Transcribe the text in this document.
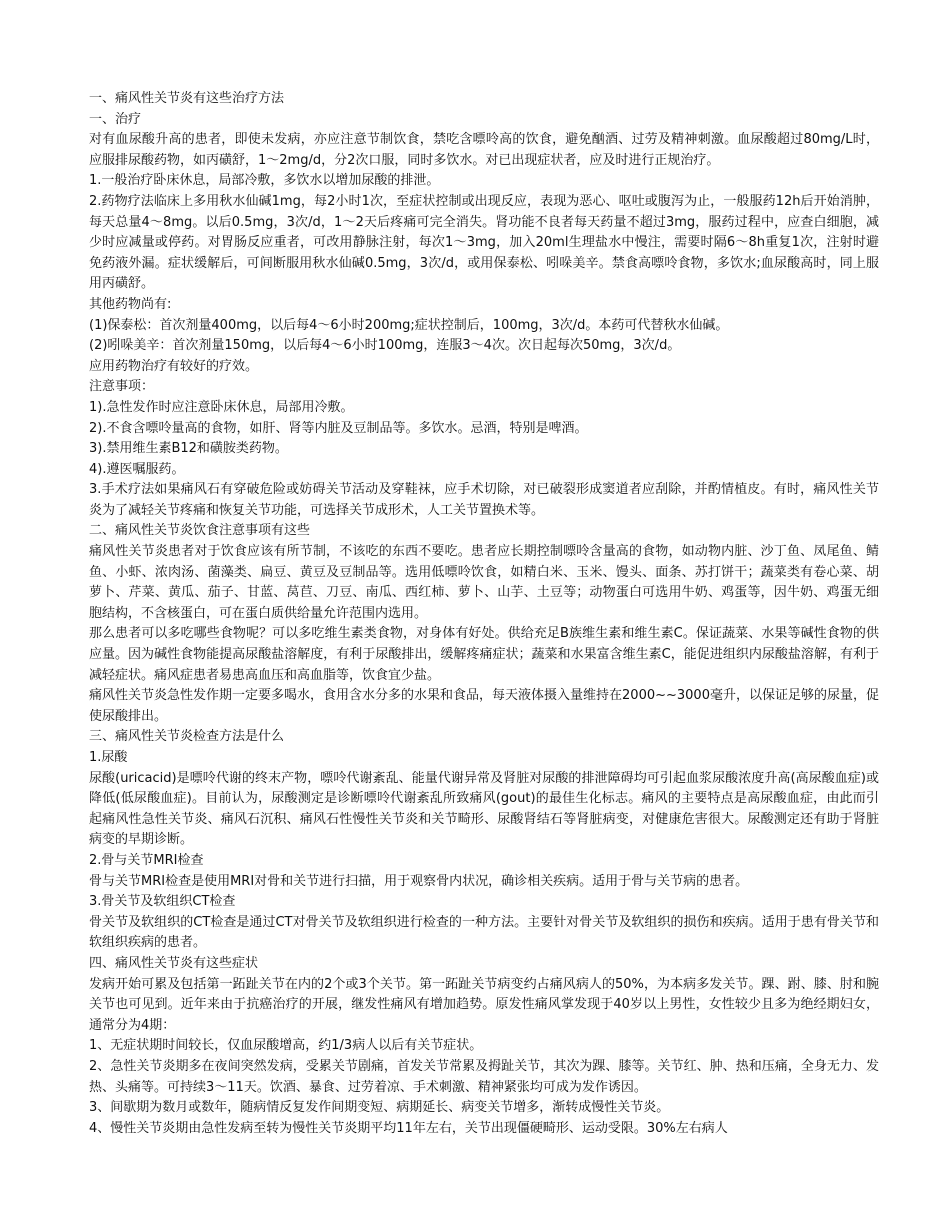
一、痛风性关节炎有这些治疗方法

一、治疗

对有血尿酸升高的患者，即使未发病，亦应注意节制饮食，禁吃含嘌呤高的饮食，避免酗酒、过劳及精神刺激。血尿酸超过80mg/L时，应服排尿酸药物，如丙磺舒，1～2mg/d，分2次口服，同时多饮水。对已出现症状者，应及时进行正规治疗。

1.一般治疗卧床休息，局部冷敷，多饮水以增加尿酸的排泄。

2.药物疗法临床上多用秋水仙碱1mg，每2小时1次，至症状控制或出现反应，表现为恶心、呕吐或腹泻为止，一般服药12h后开始消肿，每天总量4～8mg。以后0.5mg，3次/d，1～2天后疼痛可完全消失。肾功能不良者每天药量不超过3mg，服药过程中，应查白细胞，减少时应减量或停药。对胃肠反应重者，可改用静脉注射，每次1～3mg，加入20ml生理盐水中慢注，需要时隔6～8h重复1次，注射时避免药液外漏。症状缓解后，可间断服用秋水仙碱0.5mg，3次/d，或用保泰松、吲哚美辛。禁食高嘌呤食物，多饮水;血尿酸高时，同上服用丙磺舒。

其他药物尚有:

(1)保泰松：首次剂量400mg，以后每4～6小时200mg;症状控制后，100mg，3次/d。本药可代替秋水仙碱。

(2)吲哚美辛：首次剂量150mg，以后每4～6小时100mg，连服3～4次。次日起每次50mg，3次/d。

应用药物治疗有较好的疗效。

注意事项：

1).急性发作时应注意卧床休息，局部用冷敷。

2).不食含嘌呤量高的食物，如肝、肾等内脏及豆制品等。多饮水。忌酒，特别是啤酒。

3).禁用维生素B12和磺胺类药物。

4).遵医嘱服药。

3.手术疗法如果痛风石有穿破危险或妨碍关节活动及穿鞋袜，应手术切除，对已破裂形成窦道者应刮除，并酌情植皮。有时，痛风性关节炎为了减轻关节疼痛和恢复关节功能，可选择关节成形术，人工关节置换术等。

二、痛风性关节炎饮食注意事项有这些

痛风性关节炎患者对于饮食应该有所节制，不该吃的东西不要吃。患者应长期控制嘌呤含量高的食物，如动物内脏、沙丁鱼、凤尾鱼、鲭鱼、小虾、浓肉汤、菌藻类、扁豆、黄豆及豆制品等。选用低嘌呤饮食，如精白米、玉米、馒头、面条、苏打饼干；蔬菜类有卷心菜、胡萝卜、芹菜、黄瓜、茄子、甘蓝、莴苣、刀豆、南瓜、西红柿、萝卜、山芋、土豆等；动物蛋白可选用牛奶、鸡蛋等，因牛奶、鸡蛋无细胞结构，不含核蛋白，可在蛋白质供给量允许范围内选用。

那么患者可以多吃哪些食物呢？可以多吃维生素类食物，对身体有好处。供给充足B族维生素和维生素C。保证蔬菜、水果等碱性食物的供应量。因为碱性食物能提高尿酸盐溶解度，有利于尿酸排出，缓解疼痛症状；蔬菜和水果富含维生素C，能促进组织内尿酸盐溶解，有利于减轻症状。痛风症患者易患高血压和高血脂等，饮食宜少盐。

痛风性关节炎急性发作期一定要多喝水，食用含水分多的水果和食品，每天液体摄入量维持在2000~~3000毫升，以保证足够的尿量，促使尿酸排出。

三、痛风性关节炎检查方法是什么

1.尿酸

尿酸(uricacid)是嘌呤代谢的终末产物，嘌呤代谢紊乱、能量代谢异常及肾脏对尿酸的排泄障碍均可引起血浆尿酸浓度升高(高尿酸血症)或降低(低尿酸血症)。目前认为，尿酸测定是诊断嘌呤代谢紊乱所致痛风(gout)的最佳生化标志。痛风的主要特点是高尿酸血症，由此而引起痛风性急性关节炎、痛风石沉积、痛风石性慢性关节炎和关节畸形、尿酸肾结石等肾脏病变，对健康危害很大。尿酸测定还有助于肾脏病变的早期诊断。

2.骨与关节MRI检查

骨与关节MRI检查是使用MRI对骨和关节进行扫描，用于观察骨内状况，确诊相关疾病。适用于骨与关节病的患者。

3.骨关节及软组织CT检查

骨关节及软组织的CT检查是通过CT对骨关节及软组织进行检查的一种方法。主要针对骨关节及软组织的损伤和疾病。适用于患有骨关节和软组织疾病的患者。

四、痛风性关节炎有这些症状

发病开始可累及包括第一跖趾关节在内的2个或3个关节。第一跖趾关节病变约占痛风病人的50%，为本病多发关节。踝、跗、膝、肘和腕关节也可见到。近年来由于抗癌治疗的开展，继发性痛风有增加趋势。原发性痛风掌发现于40岁以上男性，女性较少且多为绝经期妇女，通常分为4期：

1、无症状期时间较长，仅血尿酸增高，约1/3病人以后有关节症状。

2、急性关节炎期多在夜间突然发病，受累关节剧痛，首发关节常累及拇趾关节，其次为踝、膝等。关节红、肿、热和压痛，全身无力、发热、头痛等。可持续3～11天。饮酒、暴食、过劳着凉、手术刺激、精神紧张均可成为发作诱因。

3、间歇期为数月或数年，随病情反复发作间期变短、病期延长、病变关节增多，渐转成慢性关节炎。

4、慢性关节炎期由急性发病至转为慢性关节炎期平均11年左右，关节出现僵硬畸形、运动受限。30%左右病人
